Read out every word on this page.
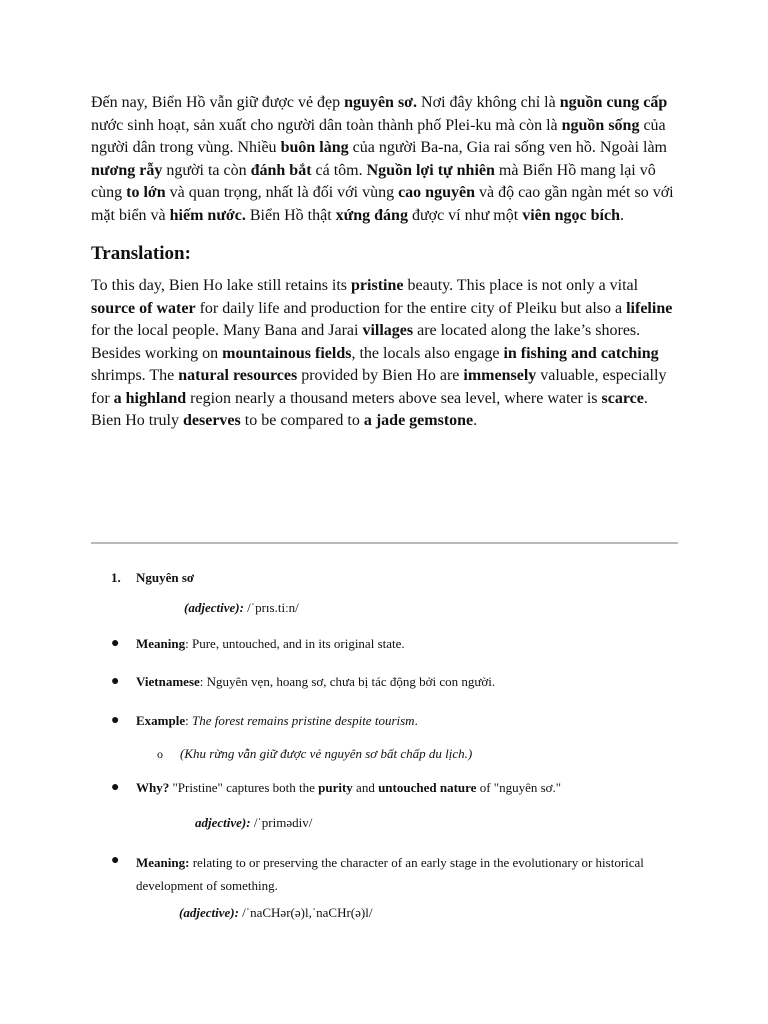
Đến nay, Biển Hồ vẫn giữ được vẻ đẹp nguyên sơ. Nơi đây không chỉ là nguồn cung cấp nước sinh hoạt, sản xuất cho người dân toàn thành phố Plei-ku mà còn là nguồn sống của người dân trong vùng. Nhiều buôn làng của người Ba-na, Gia rai sống ven hồ. Ngoài làm nương rẫy người ta còn đánh bắt cá tôm. Nguồn lợi tự nhiên mà Biển Hồ mang lại vô cùng to lớn và quan trọng, nhất là đối với vùng cao nguyên và độ cao gần ngàn mét so với mặt biển và hiếm nước. Biển Hồ thật xứng đáng được ví như một viên ngọc bích.

Translation:

To this day, Bien Ho lake still retains its pristine beauty. This place is not only a vital source of water for daily life and production for the entire city of Pleiku but also a lifeline for the local people. Many Bana and Jarai villages are located along the lake’s shores. Besides working on mountainous fields, the locals also engage in fishing and catching shrimps. The natural resources provided by Bien Ho are immensely valuable, especially for a highland region nearly a thousand meters above sea level, where water is scarce. Bien Ho truly deserves to be compared to a jade gemstone.

1. Nguyên sơ
(adjective): /ˈprɪs.tiːn/
● Meaning: Pure, untouched, and in its original state.
● Vietnamese: Nguyên vẹn, hoang sơ, chưa bị tác động bởi con người.
● Example: The forest remains pristine despite tourism.
o (Khu rừng vẫn giữ được vẻ nguyên sơ bất chấp du lịch.)
● Why? "Pristine" captures both the purity and untouched nature of "nguyên sơ."
adjective): /ˈprimədiv/
● Meaning: relating to or preserving the character of an early stage in the evolutionary or historical development of something.
(adjective): /ˈnaCHər(ə)l,ˈnaCHr(ə)l/
